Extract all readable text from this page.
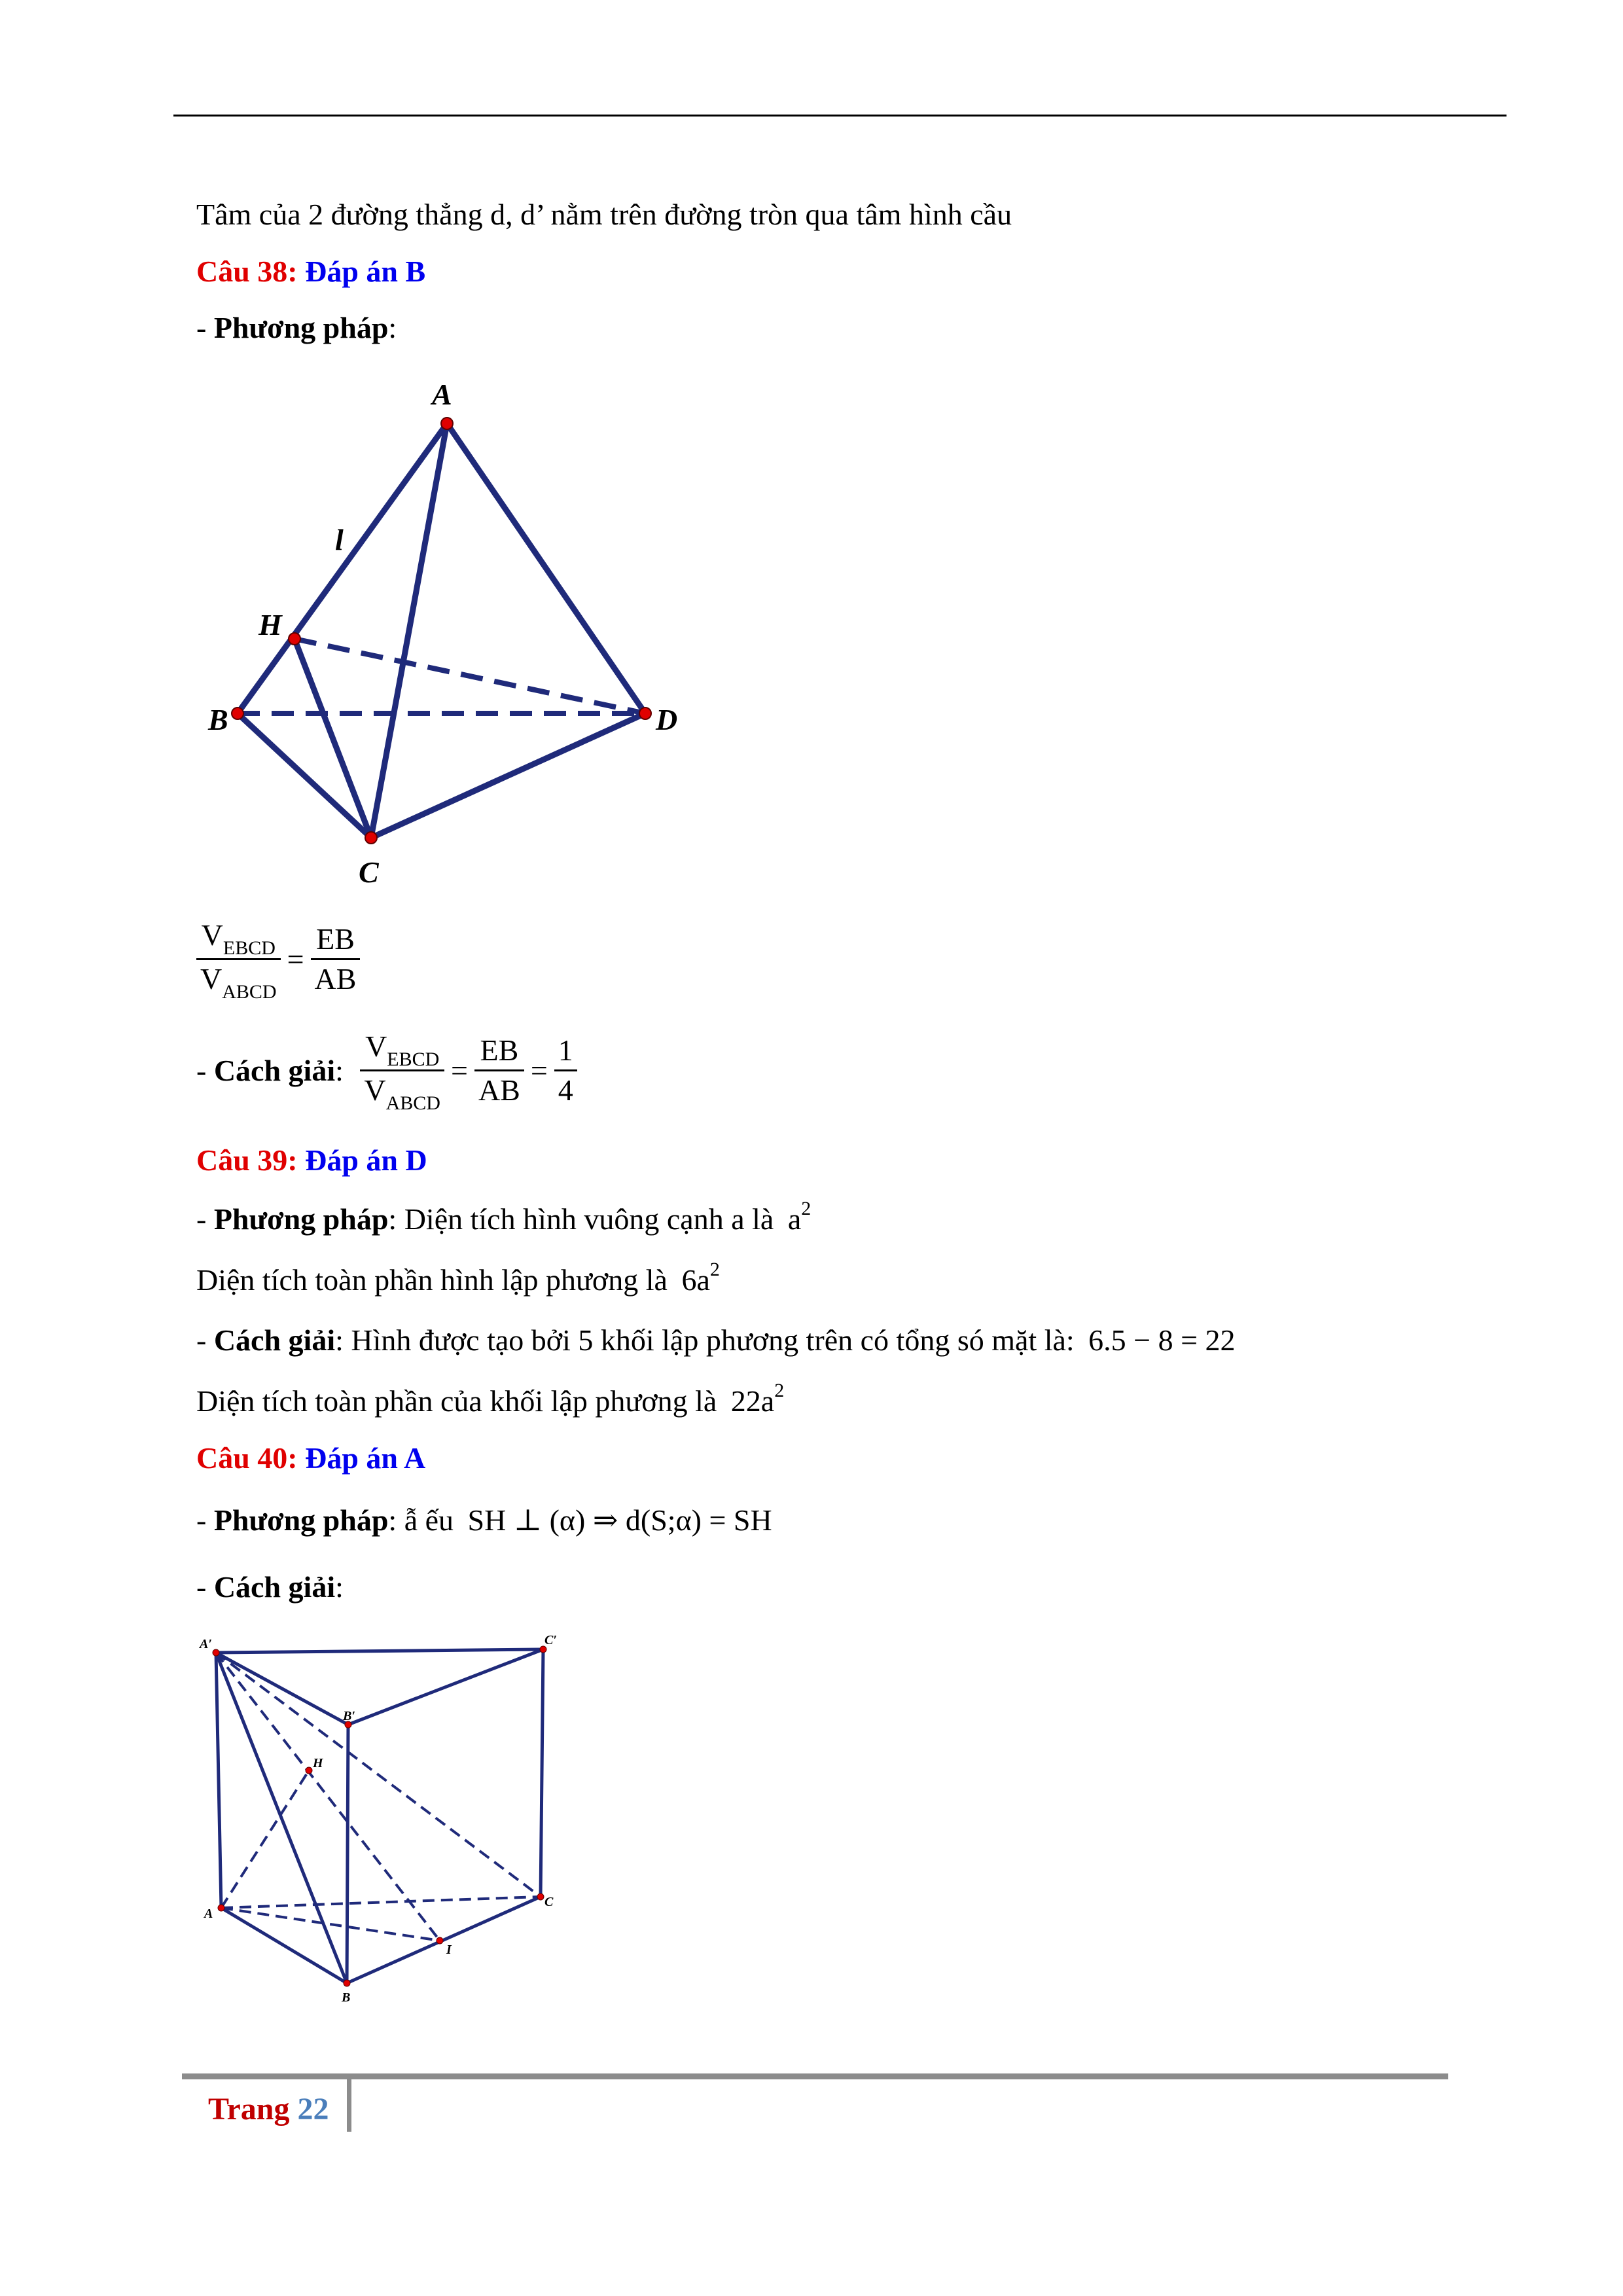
Tâm của 2 đường thẳng d, d’ nằm trên đường tròn qua tâm hình cầu
Câu 38: Đáp án B
- Phương pháp:
A
B
C
D
H
l
$\frac{V_{EBCD}}{V_{ABCD}} = \frac{EB}{AB}$
- Cách giải: $\frac{V_{EBCD}}{V_{ABCD}} = \frac{EB}{AB} = \frac{1}{4}$
Câu 39: Đáp án D
- Phương pháp: Diện tích hình vuông cạnh a là $a^2$
Diện tích toàn phần hình lập phương là $6a^2$
- Cách giải: Hình được tạo bởi 5 khối lập phương trên có tổng só mặt là: 6.5 − 8 = 22
Diện tích toàn phần của khối lập phương là $22a^2$
Câu 40: Đáp án A
- Phương pháp: ẫ ếu SH ⊥ (α) ⇒ d(S;α) = SH
- Cách giải:
A′
B′
C′
H
A
B
C
I
Trang 22
